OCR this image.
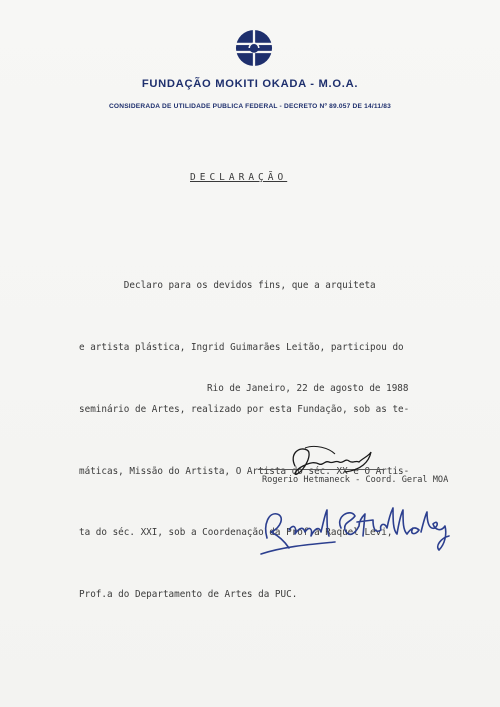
FUNDAÇÃO MOKITI OKADA - M.O.A.
CONSIDERADA DE UTILIDADE PUBLICA FEDERAL - DECRETO Nº 89.057 DE 14/11/83
DECLARAÇÃO

Declaro para os devidos fins, que a arquiteta

e artista plástica, Ingrid Guimarães Leitão, participou do

seminário de Artes, realizado por esta Fundação, sob as te-

máticas, Missão do Artista, O Artista do séc. XX e O Artis-

ta do séc. XXI, sob a Coordenação da Prof.a Raquel Levi,

Prof.a do Departamento de Artes da PUC.

Rio de Janeiro, 22 de agosto de 1988
Rogerio Hetmaneck - Coord. Geral MOA
